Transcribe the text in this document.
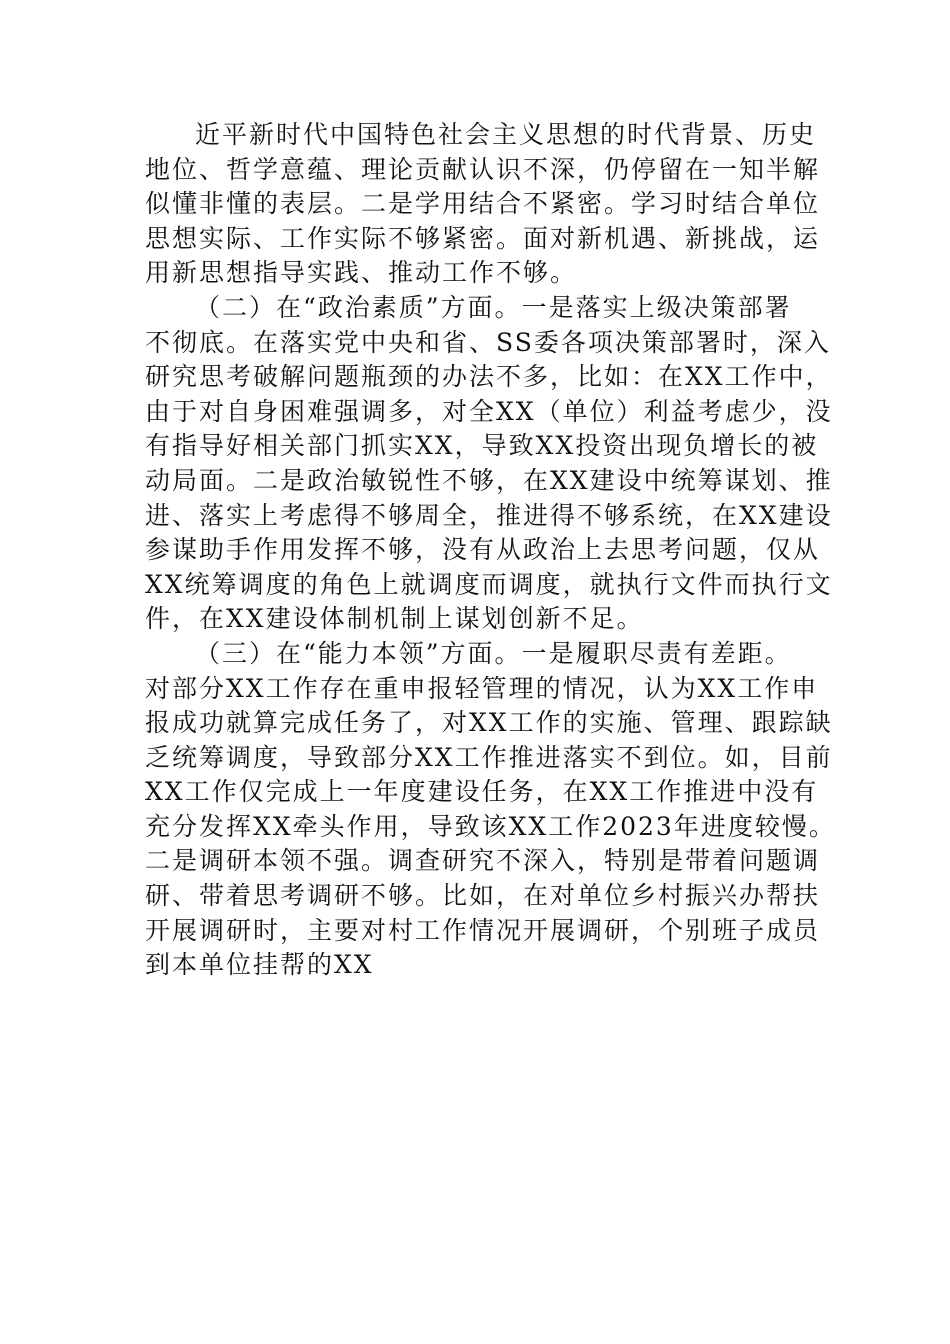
近平新时代中国特色社会主义思想的时代背景、历史
地位、哲学意蕴、理论贡献认识不深，仍停留在一知半解
似懂非懂的表层。二是学用结合不紧密。学习时结合单位
思想实际、工作实际不够紧密。面对新机遇、新挑战，运
用新思想指导实践、推动工作不够。
（二）在“政治素质”方面。一是落实上级决策部署
不彻底。在落实党中央和省、SS委各项决策部署时，深入
研究思考破解问题瓶颈的办法不多，比如：在XX工作中，
由于对自身困难强调多，对全XX（单位）利益考虑少，没
有指导好相关部门抓实XX，导致XX投资出现负增长的被
动局面。二是政治敏锐性不够，在XX建设中统筹谋划、推
进、落实上考虑得不够周全，推进得不够系统，在XX建设
参谋助手作用发挥不够，没有从政治上去思考问题，仅从
XX统筹调度的角色上就调度而调度，就执行文件而执行文
件，在XX建设体制机制上谋划创新不足。
（三）在“能力本领”方面。一是履职尽责有差距。
对部分XX工作存在重申报轻管理的情况，认为XX工作申
报成功就算完成任务了，对XX工作的实施、管理、跟踪缺
乏统筹调度，导致部分XX工作推进落实不到位。如，目前
XX工作仅完成上一年度建设任务，在XX工作推进中没有
充分发挥XX牵头作用，导致该XX工作2023年进度较慢。
二是调研本领不强。调查研究不深入，特别是带着问题调
研、带着思考调研不够。比如，在对单位乡村振兴办帮扶
开展调研时，主要对村工作情况开展调研，个别班子成员
到本单位挂帮的XX
